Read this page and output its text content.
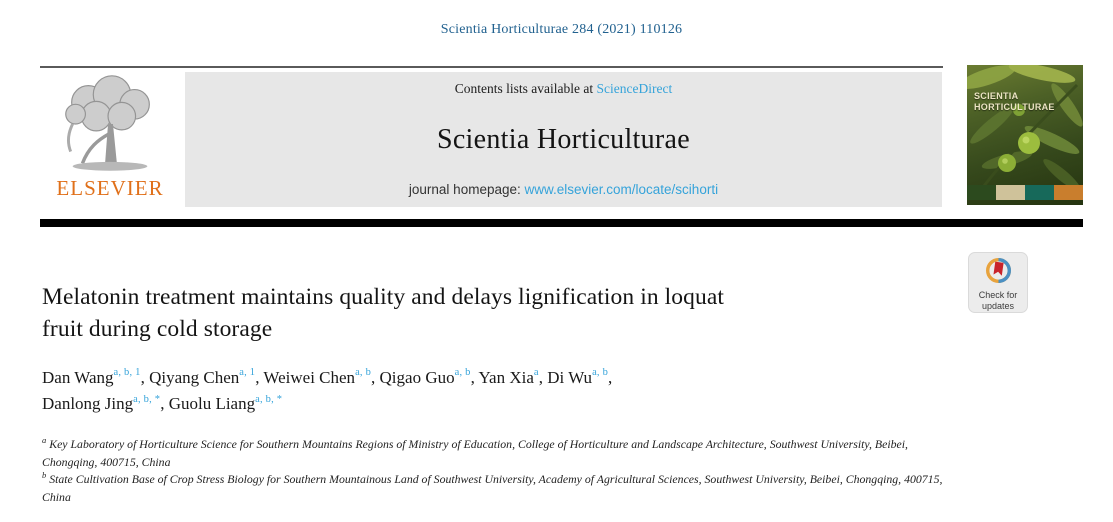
Scientia Horticulturae 284 (2021) 110126
ELSEVIER
Contents lists available at ScienceDirect
Scientia Horticulturae
journal homepage: www.elsevier.com/locate/scihorti
SCIENTIA
HORTICULTURAE
Check for
updates
Melatonin treatment maintains quality and delays lignification in loquat
fruit during cold storage
Dan Wang$^{a, b, 1}$, Qiyang Chen$^{a, 1}$, Weiwei Chen$^{a, b}$, Qigao Guo$^{a, b}$, Yan Xia$^a$, Di Wu$^{a, b}$,
Danlong Jing$^{a, b, *}$, Guolu Liang$^{a, b, *}$
$^a$ Key Laboratory of Horticulture Science for Southern Mountains Regions of Ministry of Education, College of Horticulture and Landscape Architecture, Southwest University, Beibei, Chongqing, 400715, China
$^b$ State Cultivation Base of Crop Stress Biology for Southern Mountainous Land of Southwest University, Academy of Agricultural Sciences, Southwest University, Beibei, Chongqing, 400715, China
